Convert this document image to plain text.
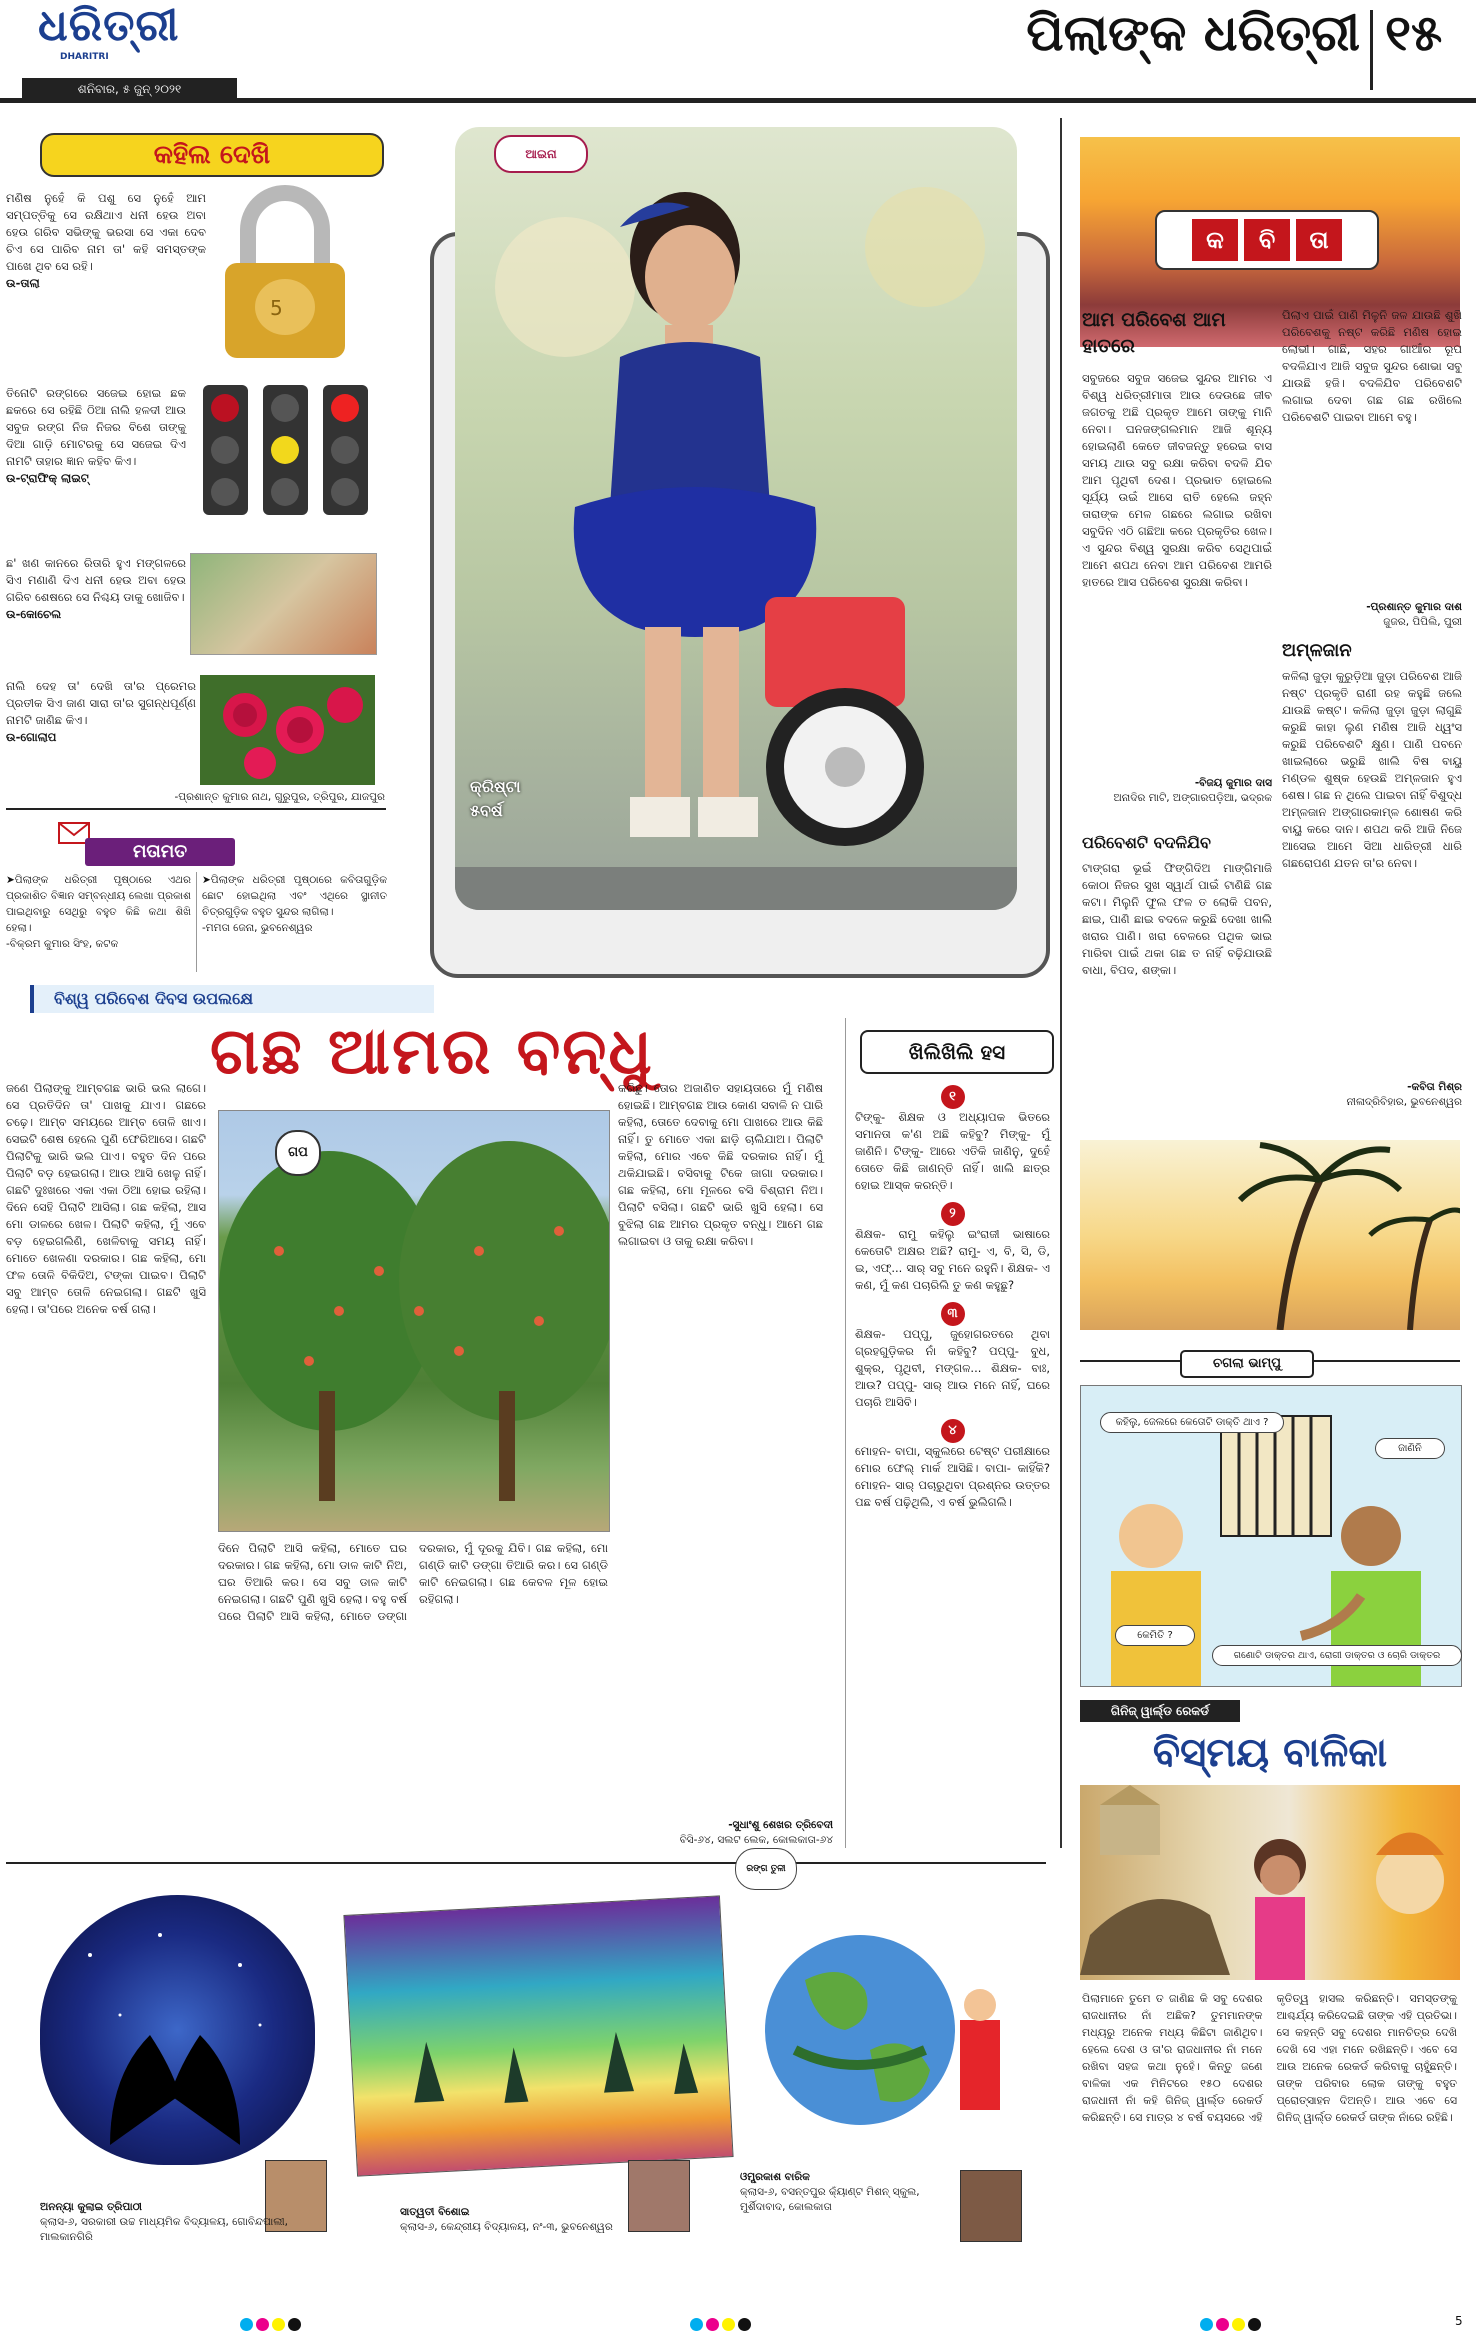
ଧରିତ୍ରୀ
DHARITRI
ଶନିବାର, ୫ ଜୁନ୍ ୨୦୨୧
ପିଲାଙ୍କ ଧରିତ୍ରୀ ୧୫
କହିଲ ଦେଖି
ମଣିଷ ନୁହେଁ କି ପଶୁ ସେ ନୁହେଁ ଆମ ସମ୍ପତ୍ତିକୁ ସେ ରକ୍ଷିଥାଏ ଧନୀ ହେଉ ଅବା ହେଉ ଗରିବ ସଭିଙ୍କୁ ଭରସା ସେ ଏକା ଦେବ ଚିଏ ସେ ପାରିବ ନାମ ତା' କହି ସମସ୍ତଙ୍କ ପାଖେ ଥିବ ସେ ରହି।
ଉ-ତାଲା
5
ତିନୋଟି ରଙ୍ଗରେ ସଜେଇ ହୋଇ ଛକ ଛକରେ ସେ ରହିଛି ଠିଆ ନାଲି ହଳଦୀ ଆଉ ସବୁଜ ରଙ୍ଗ ନିଜ ନିଜର ବିଶେ ତାଙ୍କୁ ଦିଆ ଗାଡ଼ି ମୋଟରକୁ ସେ ସଜେଇ ଦିଏ ନାମଟି ତାହାର ଜ୍ଞାନ କହିବ କିଏ।
ଉ-ଟ୍ରାଫିକ୍ ଲାଇଟ୍
ଛ' ଖଣ କାନରେ ରିତାରି ହୁଏ ମଙ୍ଗଳରେ ସିଏ ମଣାଣି ଦିଏ ଧନୀ ହେଉ ଅବା ହେଉ ଗରିବ ଶେଷରେ ସେ ନିଶ୍ଚୟ ଡାକୁ ଖୋଜିବ।
ଉ-କୋଚେଲ
ନାଲି ଦେହ ତା' ଦେଖି ତା'ର ପ୍ରେମର ପ୍ରତୀକ ସିଏ ଜାଣ ସାରା ତା'ର ସୁଗନ୍ଧପୂର୍ଣ୍ଣ ନାମଟି ଜାଣିଛ କିଏ।
ଉ-ଗୋଲାପ
-ପ୍ରଶାନ୍ତ କୁମାର ନାଥ, ଗୁରୁପୁର, ତ୍ରିପୁର, ଯାଜପୁର
ମତାମତ
➤ପିଲାଙ୍କ ଧରିତ୍ରୀ ପୃଷ୍ଠାରେ ଏଥର ପ୍ରକାଶିତ ବିଜ୍ଞାନ ସମ୍ବନ୍ଧୀୟ ଲେଖା ପ୍ରକାଶ ପାଇଥିବାରୁ ସେଥିରୁ ବହୁତ କିଛି କଥା ଶିଖି ହେଲା।
-ବିକ୍ରମ କୁମାର ସିଂହ, କଟକ
➤ପିଲାଙ୍କ ଧରିତ୍ରୀ ପୃଷ୍ଠାରେ କବିତାଗୁଡ଼ିକ ଛୋଟ ହୋଇଥିଲା ଏବଂ ଏଥିରେ ସ୍ଥାନୀତ ଚିତ୍ରଗୁଡ଼ିକ ବହୁତ ସୁନ୍ଦର ଲାଗିଲା।
-ମମତା ଜେନା, ଭୁବନେଶ୍ୱର
ଆଇନା
କ୍ରିଷ୍ଟା
୫ବର୍ଷ
କ	ବି	ତା
ଆମ ପରିବେଶ ଆମ ହାତରେ
ସବୁଜରେ ସବୁଜ ସଜେଇ ସୁନ୍ଦର ଆମର ଏ ବିଶ୍ୱ ଧରିତ୍ରୀମାତା ଆଉ ଦେଉଛେ ଜୀବ ଜଗତକୁ ଅଛି ପ୍ରକୃତ ଆମେ ତାଙ୍କୁ ମାନି ନେବା। ଘନଜଙ୍ଗଲମାନ ଆଜି ଶୂନ୍ୟ ହୋଇଲାଣି କେତେ ଜୀବଜନ୍ତୁ ହରେଇ ବାସ ସମୟ ଥାଉ ସବୁ ରକ୍ଷା କରିବା ବଦଳି ଯିବ ଆମ ପୃଥିବୀ ଦେଶ। ପ୍ରଭାତ ହୋଇଲେ ସୂର୍ଯ୍ୟ ଉଇଁ ଆସେ ରାତି ହେଲେ ଜହ୍ନ ତାରାଙ୍କ ମେଳ ଗଛରେ ଲଗାଇ ରଖିବା ସବୁଦିନ ଏଠି ଗଛିଆ କରେ ପ୍ରକୃତିର ଖେଳ। ଏ ସୁନ୍ଦର ବିଶ୍ୱ ସୁରକ୍ଷା କରିବ ସେଥିପାଇଁ ଆମେ ଶପଥ ନେବା ଆମ ପରିବେଶ ଆମରି ହାତରେ ଆସ ପରିବେଶ ସୁରକ୍ଷା କରିବା।
-ବିଜୟ କୁମାର ଦାସ
ଅନାଦିର ମାଟି, ଅଙ୍ଗାରପଡ଼ିଆ, ଭଦ୍ରକ
ପରିବେଶଟି ବଦଳିଯିବ
ଟାଙ୍ଗରା ଭୂଇଁ ଫିଙ୍ଗିଦିଅ ମାଙ୍ଗିମାଜି କୋଠା ନିଜର ସୁଖ ସ୍ୱାର୍ଥ ପାଇଁ ଟାଣିଛି ଗଛ କଟା। ମିଲୁନି ଫୁଲ ଫଳ ତ ଲୋକି ପବନ, ଛାଇ, ପାଣି ଛାଇ ବଦଳେ କରୁଛି ଦେଖା ଖାଲି ଖରାର ପାଣି। ଖରା ବେଳରେ ପଥିକ ଭାଇ ମାରିବା ପାଇଁ ଥକା ଗଛ ତ ନାହିଁ ବଢ଼ିଯାଉଛି ବାଧା, ବିପଦ, ଶଙ୍କା।
ପିଲାଏ ପାଇଁ ପାଣି ମିଳୁନି ଜଳ ଯାଉଛି ଶୁଖି ପରିବେଶକୁ ନଷ୍ଟ କରିଛି ମଣିଷ ହୋଇ ଲୋଭୀ। ଗାଛି, ସହର ଗାଆଁର ରୂପ ବଦଳିଯାଏ ଆଜି ସବୁଜ ସୁନ୍ଦର ଶୋଭା ସବୁ ଯାଉଛି ହଜି। ବଦଳିଯିବ ପରିବେଶଟି ଲଗାଇ ଦେବା ଗଛ ଗଛ ରଖିଲେ ପରିବେଶଟି ପାଇବା ଆମେ ବହୁ।
-ପ୍ରଶାନ୍ତ କୁମାର ଦାଶ
ଜୁଜର, ପିପିଲି, ପୁରୀ
ଅମ୍ଳଜାନ
କଳିଲା ଜୁଡ଼ା କୁରୁଡ଼ିଆ ଜୁଡ଼ା ପରିବେଶ ଆଜି ନଷ୍ଟ ପ୍ରକୃତି ରାଣୀ ରହ କହୁଛି ଜଲେ ଯାଉଛି କଷ୍ଟ। କଳିଲା ଜୁଡ଼ା ଜୁଡ଼ା ଲାଗୁଛି କରୁଛି କାହା ଲୁଣ ମଣିଷ ଆଜି ଧ୍ୱଂସ କରୁଛି ପରିବେଶଟି କ୍ଷୁଣ। ପାଣି ପବନେ ଖାଇଲାରେ ଭରୁଛି ଖାଲି ବିଷ ବାୟୁ ମଣ୍ଡଳ ଶୁଷ୍କ ହେଉଛି ଅମ୍ଳଜାନ ହୁଏ ଶେଷ। ଗଛ ନ ଥିଲେ ପାଇବା ନାହିଁ ବିଶୁଦ୍ଧ ଅମ୍ଳଜାନ ଅଙ୍ଗାରକାମ୍ଳ ଶୋଷଣ କରି ବାୟୁ କରେ ଦାନ। ଶପଥ କରି ଆଜି ନିଜେ ଆସେଇ ଆମେ ସିଆ ଧାରିତ୍ରୀ ଧାରି ଗଛରୋପଣ ଯତନ ତା'ର ନେବା।
-କବିତା ମିଶ୍ର
ନୀଳାଦ୍ରିବିହାର, ଭୁବନେଶ୍ୱର
ଚଗଲା ଭାମ୍ପୁ
କହିଲୁ, ଜେଲରେ କେତୋଟି ଡାକ୍ତି ଥାଏ ?
ଜାଣିନି
କେମିତି ?
ଗଣୋଟି ଡାକ୍ତର ଥାଏ, ରୋଗୀ ଡାକ୍ତର ଓ ଚୋରି ଡାକ୍ତର
ଗିନିଜ୍ ୱାର୍ଲ୍ଡ ରେକର୍ଡ
ବିସ୍ମୟ ବାଳିକା
ପିଲାମାନେ ତୁମେ ତ ଜାଣିଛ କି ସବୁ ଦେଶର ରାଜଧାନୀର ନାଁ ଅଛିକ? ତୁମମାନଙ୍କ ମଧ୍ୟରୁ ଅନେକ ମଧ୍ୟ କିଛିଟା ଜାଣିଥିବ। ହେଲେ ଦେଶ ଓ ତା'ର ରାଜଧାନୀର ନାଁ ମନେ ରଖିବା ସହଜ କଥା ନୁହେଁ। କିନ୍ତୁ ଜଣେ ବାଳିକା ଏକ ମିନିଟରେ ୧୫୦ ଦେଶର ରାଜଧାନୀ ନାଁ କହି ଗିନିଜ୍ ୱାର୍ଲ୍ଡ ରେକର୍ଡ କରିଛନ୍ତି। ସେ ମାତ୍ର ୪ ବର୍ଷ ବୟସରେ ଏହି କୃତିତ୍ୱ ହାସଲ କରିଛନ୍ତି। ସମସ୍ତଙ୍କୁ ଆଶ୍ଚର୍ଯ୍ୟ କରିଦେଇଛି ତାଙ୍କ ଏହି ପ୍ରତିଭା। ସେ କହନ୍ତି ସବୁ ଦେଶର ମାନଚିତ୍ର ଦେଖି ଦେଖି ସେ ଏହା ମନେ ରଖିଛନ୍ତି। ଏବେ ସେ ଆଉ ଅନେକ ରେକର୍ଡ କରିବାକୁ ଚାହୁଁଛନ୍ତି। ତାଙ୍କ ପରିବାର ଲୋକ ତାଙ୍କୁ ବହୁତ ପ୍ରୋତ୍ସାହନ ଦିଅନ୍ତି। ଆଉ ଏବେ ସେ ଗିନିଜ୍ ୱାର୍ଲ୍ଡ ରେକର୍ଡ ତାଙ୍କ ନାଁରେ ରହିଛି।
ବିଶ୍ୱ ପରିବେଶ ଦିବସ ଉପଲକ୍ଷେ
ଗଛ ଆମର ବନ୍ଧୁ
ଜଣେ ପିଲାଙ୍କୁ ଆମ୍ବଗଛ ଭାରି ଭଲ ଲାଗେ। ସେ ପ୍ରତିଦିନ ତା' ପାଖକୁ ଯାଏ। ଗଛରେ ଚଢ଼େ। ଆମ୍ବ ସମୟରେ ଆମ୍ବ ତୋଳି ଖାଏ। ସେଇଟି ଶେଷ ହେଲେ ପୁଣି ଫେରିଆସେ। ଗଛଟି ପିଲାଟିକୁ ଭାରି ଭଲ ପାଏ। ବହୁତ ଦିନ ପରେ ପିଲାଟି ବଡ଼ ହେଇଗଲା। ଆଉ ଆସି ଖେଳୁ ନାହିଁ। ଗଛଟି ଦୁଃଖରେ ଏକା ଏକା ଠିଆ ହୋଇ ରହିଲା। ଦିନେ ସେହି ପିଲାଟି ଆସିଲା। ଗଛ କହିଲା, ଆସ ମୋ ଡାଳରେ ଖେଳ। ପିଲାଟି କହିଲା, ମୁଁ ଏବେ ବଡ଼ ହେଇଗଲିଣି, ଖେଳିବାକୁ ସମୟ ନାହିଁ। ମୋତେ ଖେଳଣା ଦରକାର। ଗଛ କହିଲା, ମୋ ଫଳ ତୋଳି ବିକିଦିଅ, ଟଙ୍କା ପାଇବ। ପିଲାଟି ସବୁ ଆମ୍ବ ତୋଳି ନେଇଗଲା। ଗଛଟି ଖୁସି ହେଲା। ତା'ପରେ ଅନେକ ବର୍ଷ ଗଲା।
ଗପ
ଦିନେ ପିଲାଟି ଆସି କହିଲା, ମୋତେ ଘର ଦରକାର। ଗଛ କହିଲା, ମୋ ଡାଳ କାଟି ନିଅ, ଘର ତିଆରି କର। ସେ ସବୁ ଡାଳ କାଟି ନେଇଗଲା। ଗଛଟି ପୁଣି ଖୁସି ହେଲା। ବହୁ ବର୍ଷ ପରେ ପିଲାଟି ଆସି କହିଲା, ମୋତେ ଡଙ୍ଗା ଦରକାର, ମୁଁ ଦୂରକୁ ଯିବି। ଗଛ କହିଲା, ମୋ ଗଣ୍ଡି କାଟି ଡଙ୍ଗା ତିଆରି କର। ସେ ଗଣ୍ଡି କାଟି ନେଇଗଲା। ଗଛ କେବଳ ମୂଳ ହୋଇ ରହିଗଲା।
କରିଛୁ। ତୋର ଅଜାଣିତ ସହାୟତାରେ ମୁଁ ମଣିଷ ହୋଇଛି। ଆମ୍ବଗଛ ଆଉ କୋଣ ସବାଳି ନ ପାରି କହିଲା, ତୋତେ ଦେବାକୁ ମୋ ପାଖରେ ଆଉ କିଛି ନାହିଁ। ତୁ ମୋତେ ଏକା ଛାଡ଼ି ଚାଲିଯାଅ। ପିଲାଟି କହିଲା, ମୋର ଏବେ କିଛି ଦରକାର ନାହିଁ। ମୁଁ ଥକିଯାଇଛି। ବସିବାକୁ ଟିକେ ଜାଗା ଦରକାର। ଗଛ କହିଲା, ମୋ ମୂଳରେ ବସି ବିଶ୍ରାମ ନିଅ। ପିଲାଟି ବସିଲା। ଗଛଟି ଭାରି ଖୁସି ହେଲା। ସେ ବୁଝିଲା ଗଛ ଆମର ପ୍ରକୃତ ବନ୍ଧୁ। ଆମେ ଗଛ ଲଗାଇବା ଓ ତାକୁ ରକ୍ଷା କରିବା।
-ସୁଧାଂଶୁ ଶେଖର ତ୍ରିବେଦୀ
ବିସି-୬୪, ସଲଟ ଲେକ, କୋଲକାତା-୬୪
ଖିଲିଖିଲି ହସ
୧
ଟିଙ୍କୁ- ଶିକ୍ଷକ ଓ ଅଧ୍ୟାପକ ଭିତରେ ସମାନତା କ'ଣ ଅଛି କହିବୁ? ମିଙ୍କୁ- ମୁଁ ଜାଣିନି। ଟିଙ୍କୁ- ଆରେ ଏତିକି ଜାଣିନୁ, ଦୁହେଁ ତୋତେ କିଛି ଜାଣନ୍ତି ନାହିଁ। ଖାଲି ଛାତ୍ର ହୋଇ ଆସ୍କ କରନ୍ତି।
୨
ଶିକ୍ଷକ- ରାମୁ କହିଲୁ ଇଂରାଜୀ ଭାଷାରେ କେତୋଟି ଅକ୍ଷର ଅଛି? ରାମୁ- ଏ, ବି, ସି, ଡି, ଇ, ଏଫ୍... ସାର୍ ସବୁ ମନେ ରହୁନି। ଶିକ୍ଷକ- ଏ କଣ, ମୁଁ କଣ ପଚାରିଲି ତୁ କଣ କହୁଛୁ?
୩
ଶିକ୍ଷକ- ପପ୍ପୁ, ଜୁହୋଗରତରେ ଥିବା ଗ୍ରହଗୁଡ଼ିକର ନାଁ କହିବୁ? ପପ୍ପୁ- ବୁଧ, ଶୁକ୍ର, ପୃଥିବୀ, ମଙ୍ଗଳ... ଶିକ୍ଷକ- ବାଃ, ଆଉ? ପପ୍ପୁ- ସାର୍ ଆଉ ମନେ ନାହିଁ, ଘରେ ପଚାରି ଆସିବି।
୪
ମୋହନ- ବାପା, ସ୍କୁଲରେ ଟେଷ୍ଟ ପରୀକ୍ଷାରେ ମୋର ଫେଲ୍ ମାର୍କ ଆସିଛି। ବାପା- କାହିଁକି? ମୋହନ- ସାର୍ ପଚାରୁଥିବା ପ୍ରଶ୍ନର ଉତ୍ତର ପଛ ବର୍ଷ ପଢ଼ିଥିଲି, ଏ ବର୍ଷ ଭୁଲିଗଲି।
ରଙ୍ଗ ତୁଳୀ
ଅନନ୍ୟା କୁଲାଇ ତ୍ରିପାଠୀ
କ୍ଲାସ-୬, ସରକାରୀ ଉଚ୍ଚ ମାଧ୍ୟମିକ ବିଦ୍ୟାଳୟ, ଗୋବିନ୍ଦପାଲୀ, ମାଲକାନଗିରି
ସାତ୍ୱତୀ ବିଶୋଇ
କ୍ଲାସ-୬, କେନ୍ଦ୍ରୀୟ ବିଦ୍ୟାଳୟ, ନଂ-୩, ଭୁବନେଶ୍ୱର
ଓମ୍ପ୍ରକାଶ ବାରିକ
କ୍ଲାସ-୬, ବସନ୍ତପୁର କ୍ୟାଁଣ୍ଟ ମିଶନ୍ ସ୍କୁଲ, ମୁର୍ଶିଦାବାଦ, କୋଲକାତା
5
